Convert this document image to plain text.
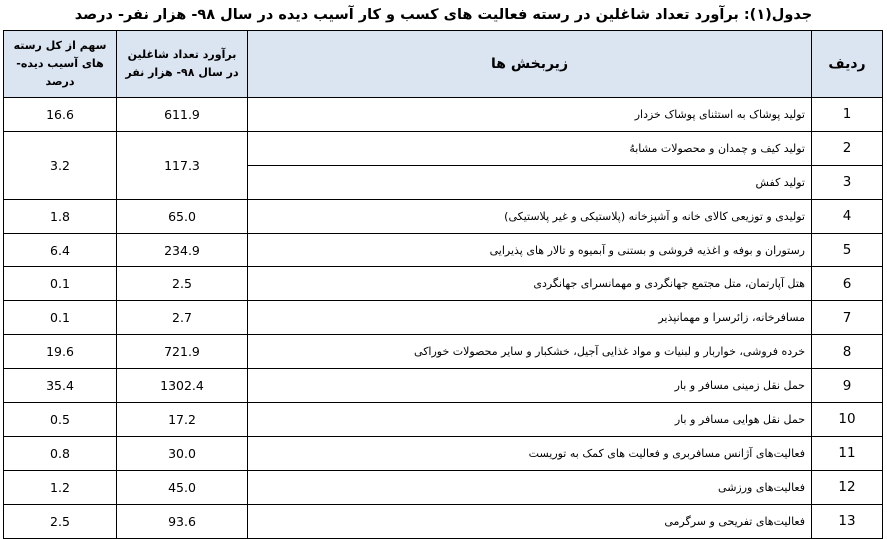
جدول(۱): برآورد تعداد شاغلین در رسته فعالیت های کسب و کار آسیب دیده در سال ۹۸- هزار نفر- درصد
ردیف	زیربخش ها	برآورد تعداد شاغلین در سال ۹۸- هزار نفر	سهم از کل رسته های آسیب دیده- درصد
1	تولید پوشاک به استثنای پوشاک خزدار	611.9	16.6
2	تولید کیف و چمدان و محصولات مشابهُ	117.3	3.2
3	تولید کفش		
4	تولیدی و توزیعی کالای خانه و آشپزخانه (پلاستیکی و غیر پلاستیکی)	65.0	1.8
5	رستوران و بوفه و اغذیه فروشی و بستنی و آبمیوه و تالار های پذیرایی	234.9	6.4
6	هتل آپارتمان، متل مجتمع جهانگردی و مهمانسرای جهانگردی	2.5	0.1
7	مسافرخانه، زائرسرا و مهمانپذیر	2.7	0.1
8	خرده فروشی، خواربار و لبنیات و مواد غذایی آجیل، خشکبار و سایر محصولات خوراکی	721.9	19.6
9	حمل نقل زمینی مسافر و بار	1302.4	35.4
10	حمل نقل هوایی مسافر و بار	17.2	0.5
11	فعالیت‌های آژانس مسافربری و فعالیت های کمک به توریست	30.0	0.8
12	فعالیت‌های ورزشی	45.0	1.2
13	فعالیت‌های تفریحی و سرگرمی	93.6	2.5
